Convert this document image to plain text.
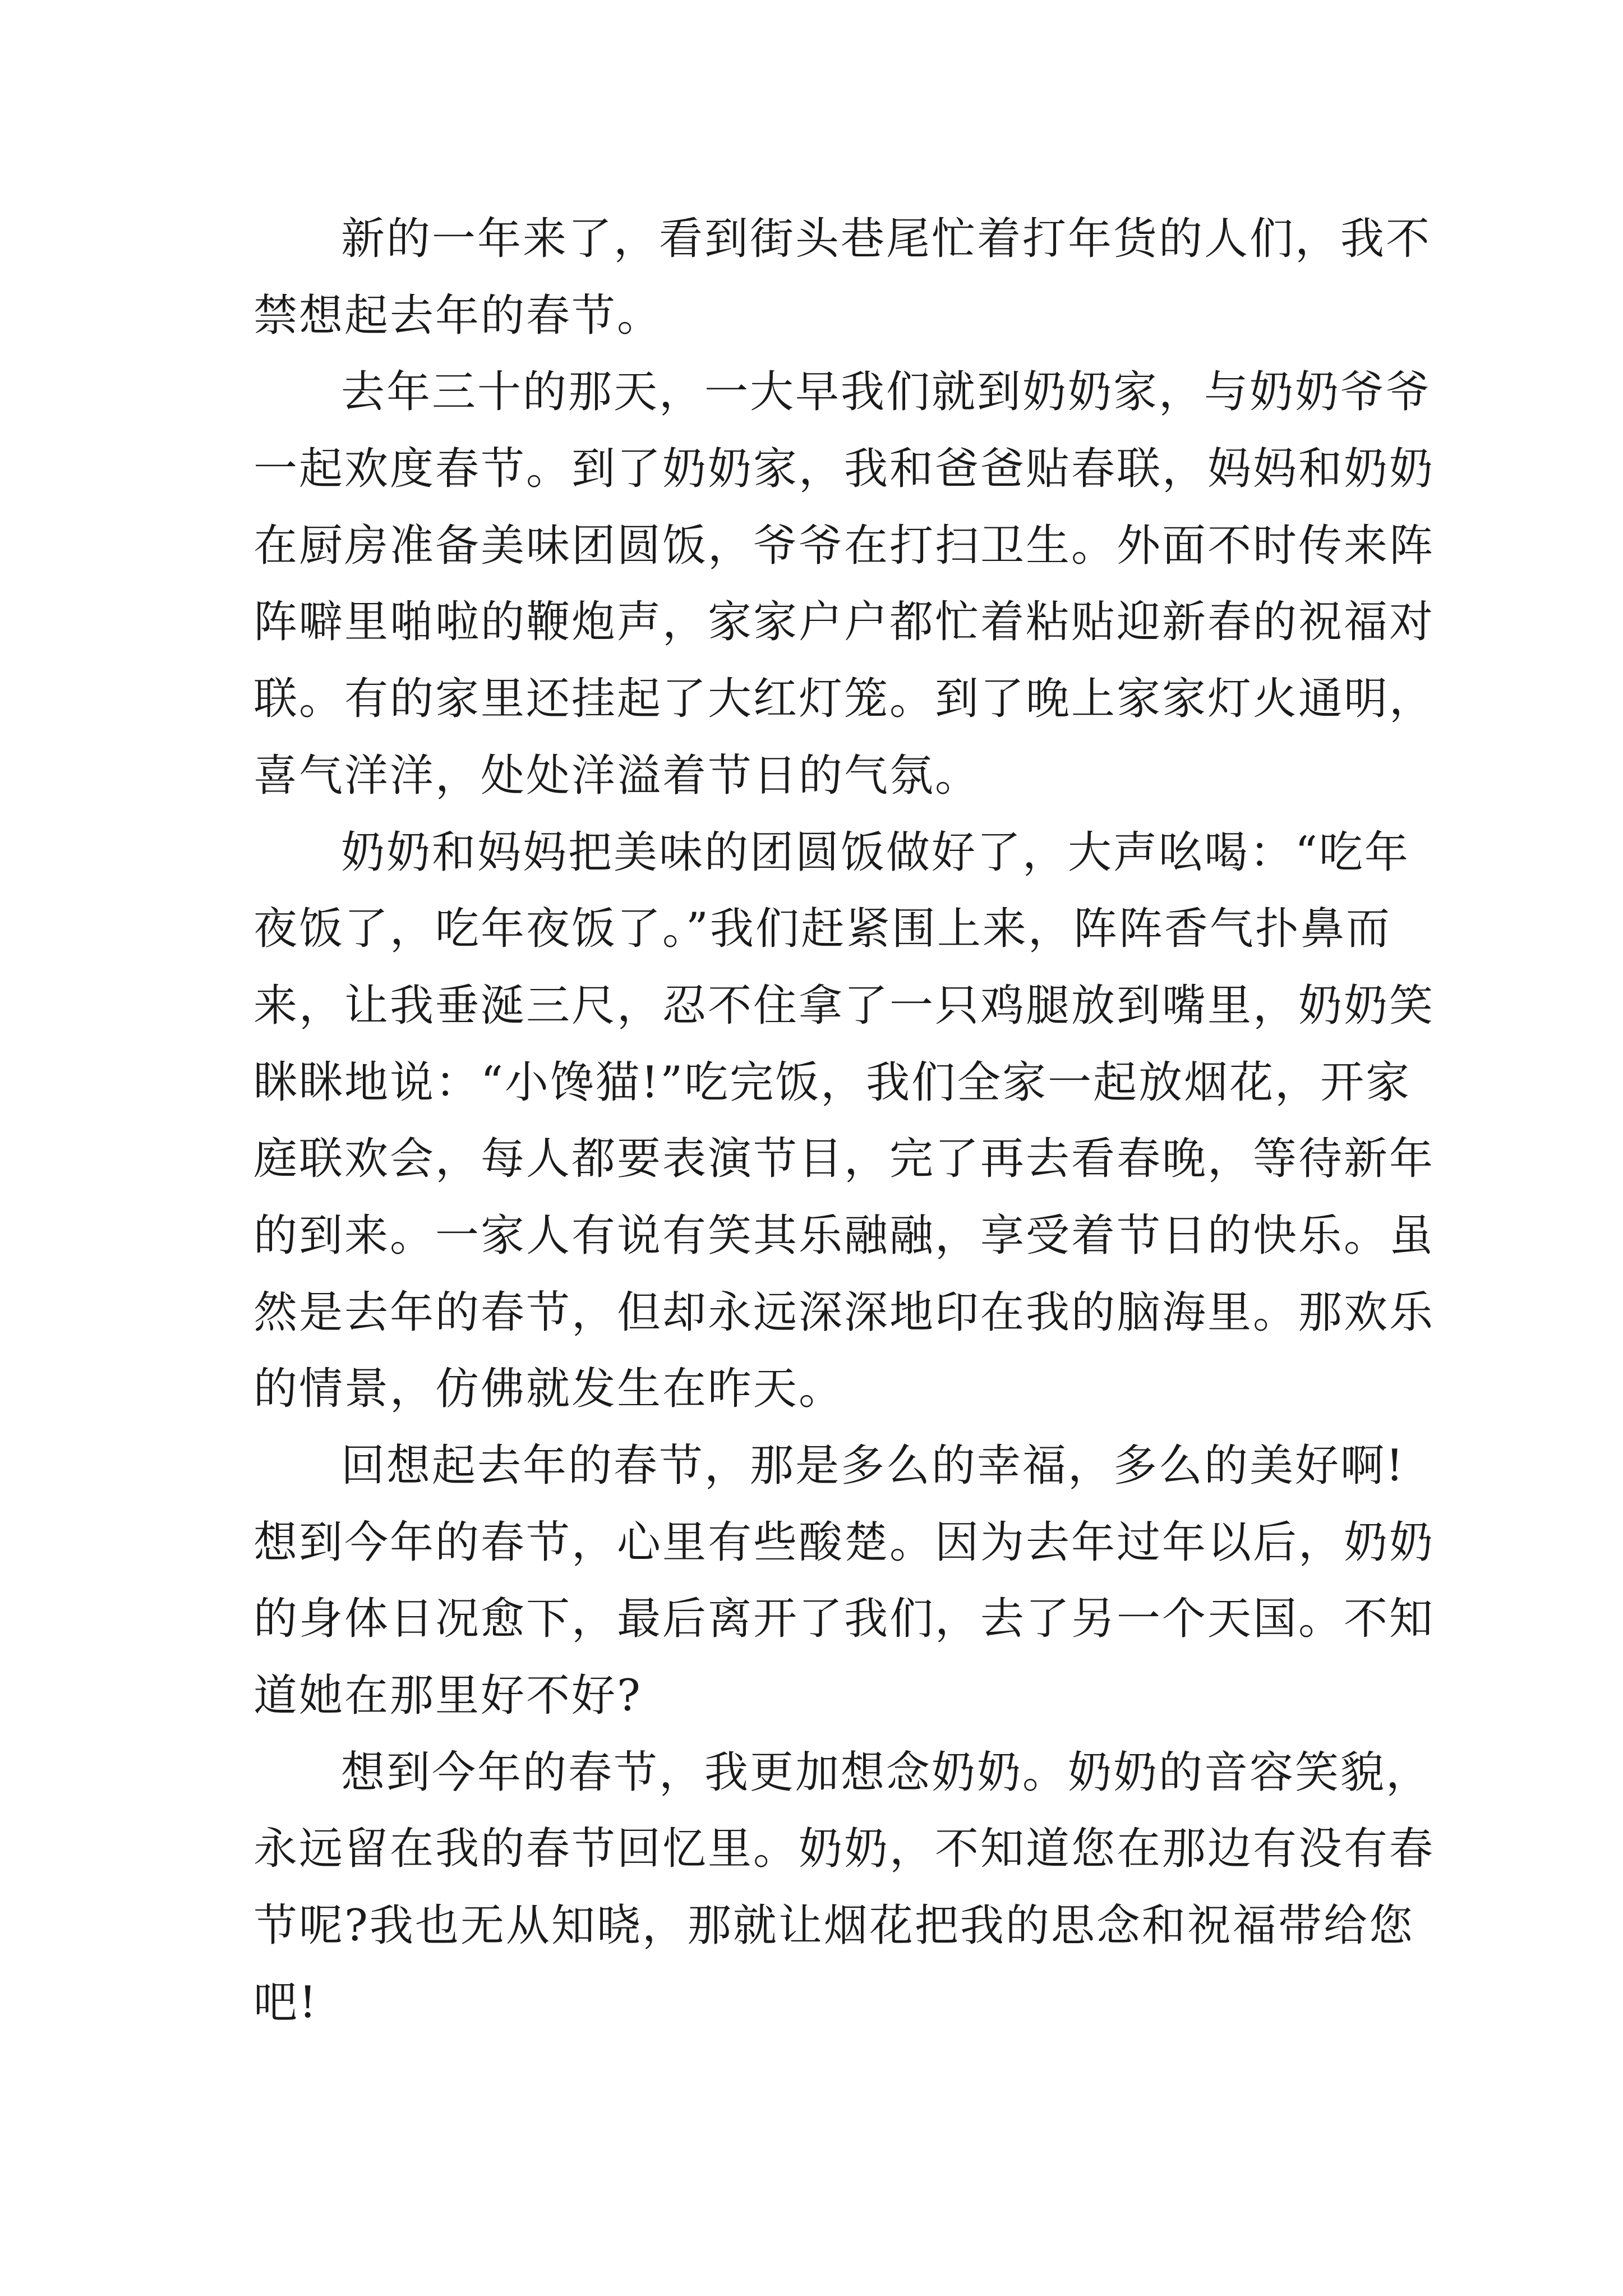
新的一年来了，看到街头巷尾忙着打年货的人们，我不
禁想起去年的春节。
去年三十的那天，一大早我们就到奶奶家，与奶奶爷爷
一起欢度春节。到了奶奶家，我和爸爸贴春联，妈妈和奶奶
在厨房准备美味团圆饭，爷爷在打扫卫生。外面不时传来阵
阵噼里啪啦的鞭炮声，家家户户都忙着粘贴迎新春的祝福对
联。有的家里还挂起了大红灯笼。到了晚上家家灯火通明，
喜气洋洋，处处洋溢着节日的气氛。
奶奶和妈妈把美味的团圆饭做好了，大声吆喝：“吃年
夜饭了，吃年夜饭了。”我们赶紧围上来，阵阵香气扑鼻而
来，让我垂涎三尺，忍不住拿了一只鸡腿放到嘴里，奶奶笑
眯眯地说：“小馋猫!”吃完饭，我们全家一起放烟花，开家
庭联欢会，每人都要表演节目，完了再去看春晚，等待新年
的到来。一家人有说有笑其乐融融，享受着节日的快乐。虽
然是去年的春节，但却永远深深地印在我的脑海里。那欢乐
的情景，仿佛就发生在昨天。
回想起去年的春节，那是多么的幸福，多么的美好啊!
想到今年的春节，心里有些酸楚。因为去年过年以后，奶奶
的身体日况愈下，最后离开了我们，去了另一个天国。不知
道她在那里好不好?
想到今年的春节，我更加想念奶奶。奶奶的音容笑貌，
永远留在我的春节回忆里。奶奶，不知道您在那边有没有春
节呢?我也无从知晓，那就让烟花把我的思念和祝福带给您
吧!
